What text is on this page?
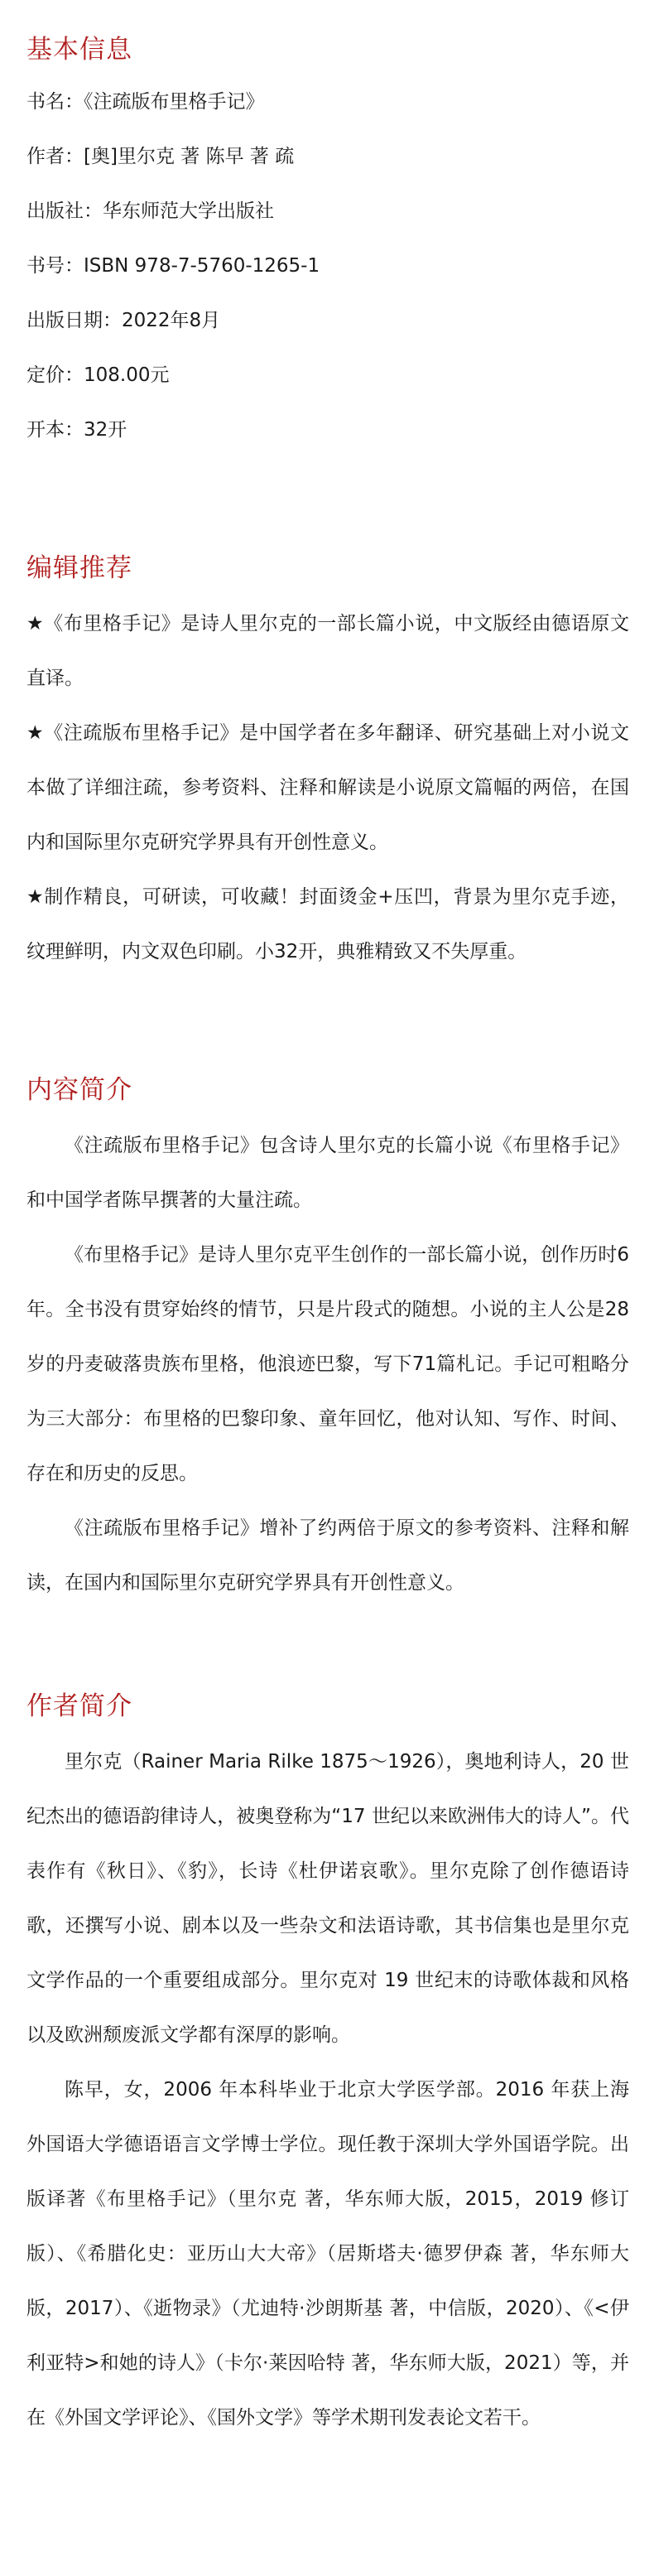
基本信息
书名：《注疏版布里格手记》
作者：[奥]里尔克 著 陈早 著 疏
出版社：华东师范大学出版社
书号：ISBN 978-7-5760-1265-1
出版日期：2022年8月
定价：108.00元
开本：32开
编辑推荐

★《布里格手记》是诗人里尔克的一部长篇小说，中文版经由德语原文直译。

★《注疏版布里格手记》是中国学者在多年翻译、研究基础上对小说文本做了详细注疏，参考资料、注释和解读是小说原文篇幅的两倍，在国内和国际里尔克研究学界具有开创性意义。

★制作精良，可研读，可收藏！封面烫金+压凹，背景为里尔克手迹，纹理鲜明，内文双色印刷。小32开，典雅精致又不失厚重。

内容简介

《注疏版布里格手记》包含诗人里尔克的长篇小说《布里格手记》和中国学者陈早撰著的大量注疏。

《布里格手记》是诗人里尔克平生创作的一部长篇小说，创作历时6年。全书没有贯穿始终的情节，只是片段式的随想。小说的主人公是28岁的丹麦破落贵族布里格，他浪迹巴黎，写下71篇札记。手记可粗略分为三大部分：布里格的巴黎印象、童年回忆，他对认知、写作、时间、存在和历史的反思。

《注疏版布里格手记》增补了约两倍于原文的参考资料、注释和解读，在国内和国际里尔克研究学界具有开创性意义。

作者简介

里尔克（Rainer Maria Rilke 1875～1926），奥地利诗人，20 世纪杰出的德语韵律诗人，被奥登称为“17 世纪以来欧洲伟大的诗人”。代表作有《秋日》、《豹》，长诗《杜伊诺哀歌》。里尔克除了创作德语诗歌，还撰写小说、剧本以及一些杂文和法语诗歌，其书信集也是里尔克文学作品的一个重要组成部分。里尔克对 19 世纪末的诗歌体裁和风格以及欧洲颓废派文学都有深厚的影响。

陈早，女，2006 年本科毕业于北京大学医学部。2016 年获上海外国语大学德语语言文学博士学位。现任教于深圳大学外国语学院。出版译著《布里格手记》（里尔克 著，华东师大版，2015，2019 修订版）、《希腊化史：亚历山大大帝》（居斯塔夫·德罗伊森 著，华东师大版，2017）、《逝物录》（尤迪特·沙朗斯基 著，中信版，2020）、《<伊利亚特>和她的诗人》（卡尔·莱因哈特 著，华东师大版，2021）等，并在《外国文学评论》、《国外文学》等学术期刊发表论文若干。
